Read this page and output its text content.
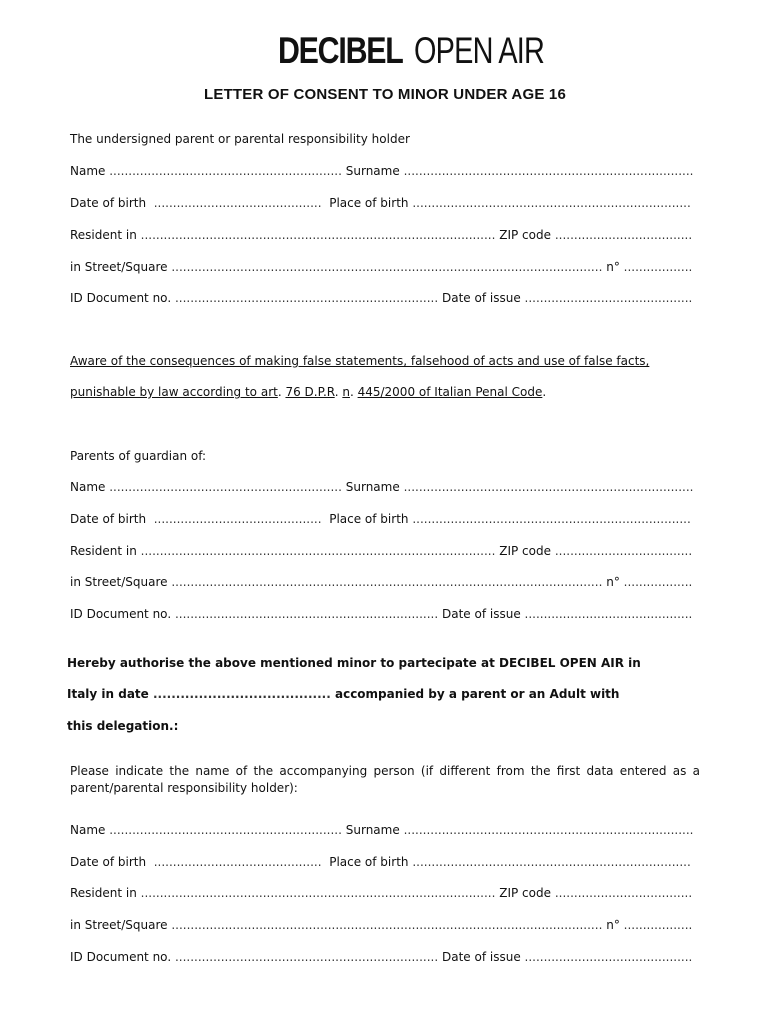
DECIBEL OPEN AIR
LETTER OF CONSENT TO MINOR UNDER AGE 16
The undersigned parent or parental responsibility holder
Name ............................................................. Surname ............................................................................
Date of birth ............................................ Place of birth .........................................................................
Resident in ............................................................................................. ZIP code ....................................
in Street/Square ................................................................................................................. n° ..................
ID Document no. ..................................................................... Date of issue ............................................
Aware of the consequences of making false statements, falsehood of acts and use of false facts,
punishable by law according to art. 76 D.P.R. n. 445/2000 of Italian Penal Code.
Parents of guardian of:
Name ............................................................. Surname ............................................................................
Date of birth ............................................ Place of birth .........................................................................
Resident in ............................................................................................. ZIP code ....................................
in Street/Square ................................................................................................................. n° ..................
ID Document no. ..................................................................... Date of issue ............................................
Hereby authorise the above mentioned minor to partecipate at DECIBEL OPEN AIR in
Italy in date ....................................... accompanied by a parent or an Adult with
this delegation.:
Please indicate the name of the accompanying person (if different from the first data entered as a parent/parental responsibility holder):
Name ............................................................. Surname ............................................................................
Date of birth ............................................ Place of birth .........................................................................
Resident in ............................................................................................. ZIP code ....................................
in Street/Square ................................................................................................................. n° ..................
ID Document no. ..................................................................... Date of issue ............................................
